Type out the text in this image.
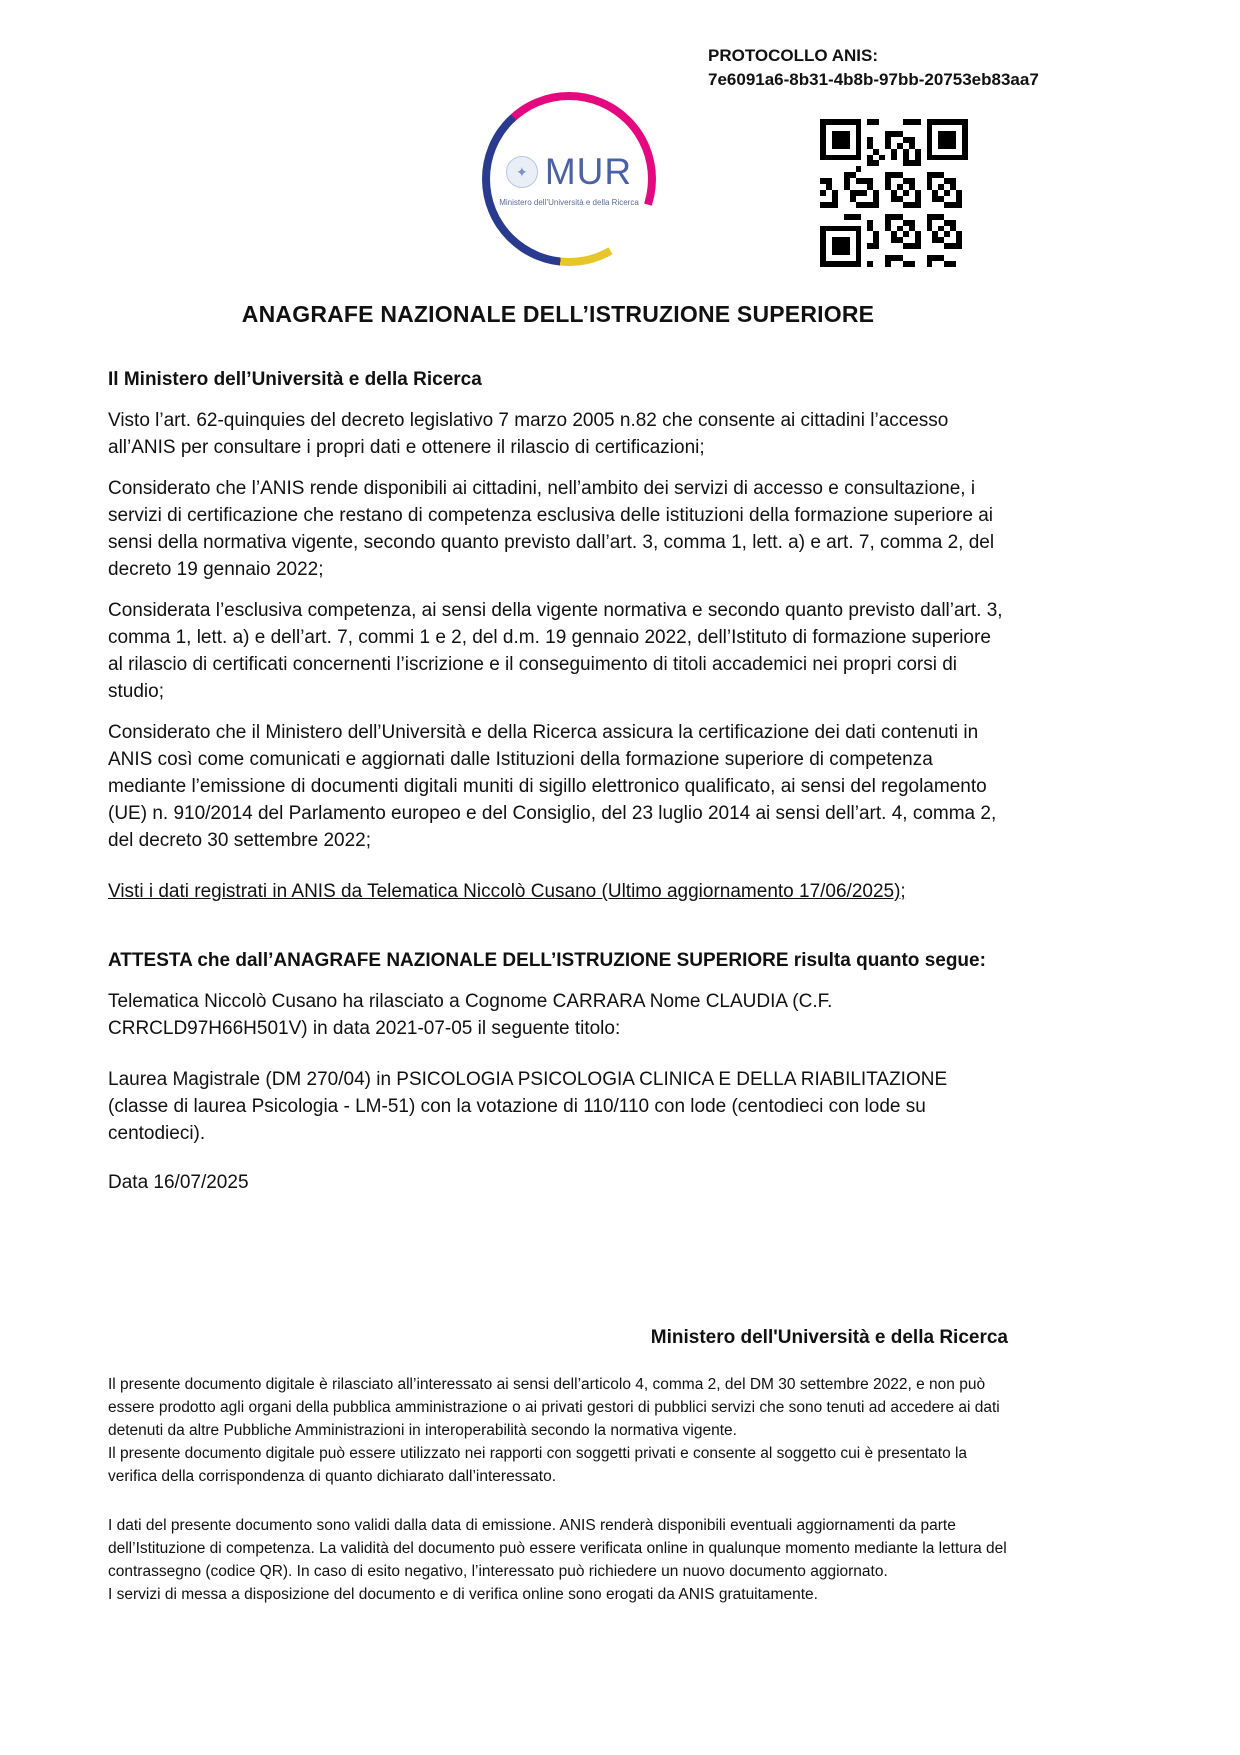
PROTOCOLLO ANIS:
7e6091a6-8b31-4b8b-97bb-20753eb83aa7
✦ MUR
Ministero dell’Università e della Ricerca
ANAGRAFE NAZIONALE DELL’ISTRUZIONE SUPERIORE

Il Ministero dell’Università e della Ricerca

Visto l’art. 62-quinquies del decreto legislativo 7 marzo 2005 n.82 che consente ai cittadini l’accesso all’ANIS per consultare i propri dati e ottenere il rilascio di certificazioni;

Considerato che l’ANIS rende disponibili ai cittadini, nell’ambito dei servizi di accesso e consultazione, i servizi di certificazione che restano di competenza esclusiva delle istituzioni della formazione superiore ai sensi della normativa vigente, secondo quanto previsto dall’art. 3, comma 1, lett. a) e art. 7, comma 2, del decreto 19 gennaio 2022;

Considerata l’esclusiva competenza, ai sensi della vigente normativa e secondo quanto previsto dall’art. 3, comma 1, lett. a) e dell’art. 7, commi 1 e 2, del d.m. 19 gennaio 2022, dell’Istituto di formazione superiore al rilascio di certificati concernenti l’iscrizione e il conseguimento di titoli accademici nei propri corsi di studio;

Considerato che il Ministero dell’Università e della Ricerca assicura la certificazione dei dati contenuti in ANIS così come comunicati e aggiornati dalle Istituzioni della formazione superiore di competenza mediante l’emissione di documenti digitali muniti di sigillo elettronico qualificato, ai sensi del regolamento (UE) n. 910/2014 del Parlamento europeo e del Consiglio, del 23 luglio 2014 ai sensi dell’art. 4, comma 2, del decreto 30 settembre 2022;

Visti i dati registrati in ANIS da Telematica Niccolò Cusano (Ultimo aggiornamento 17/06/2025);

ATTESTA che dall’ANAGRAFE NAZIONALE DELL’ISTRUZIONE SUPERIORE risulta quanto segue:

Telematica Niccolò Cusano ha rilasciato a Cognome CARRARA Nome CLAUDIA (C.F. CRRCLD97H66H501V) in data 2021-07-05 il seguente titolo:

Laurea Magistrale (DM 270/04) in PSICOLOGIA PSICOLOGIA CLINICA E DELLA RIABILITAZIONE (classe di laurea Psicologia - LM-51) con la votazione di 110/110 con lode (centodieci con lode su centodieci).

Data 16/07/2025

Ministero dell'Università e della Ricerca

Il presente documento digitale è rilasciato all’interessato ai sensi dell’articolo 4, comma 2, del DM 30 settembre 2022, e non può essere prodotto agli organi della pubblica amministrazione o ai privati gestori di pubblici servizi che sono tenuti ad accedere ai dati detenuti da altre Pubbliche Amministrazioni in interoperabilità secondo la normativa vigente.

Il presente documento digitale può essere utilizzato nei rapporti con soggetti privati e consente al soggetto cui è presentato la verifica della corrispondenza di quanto dichiarato dall’interessato.

I dati del presente documento sono validi dalla data di emissione. ANIS renderà disponibili eventuali aggiornamenti da parte dell’Istituzione di competenza. La validità del documento può essere verificata online in qualunque momento mediante la lettura del contrassegno (codice QR). In caso di esito negativo, l’interessato può richiedere un nuovo documento aggiornato.

I servizi di messa a disposizione del documento e di verifica online sono erogati da ANIS gratuitamente.
